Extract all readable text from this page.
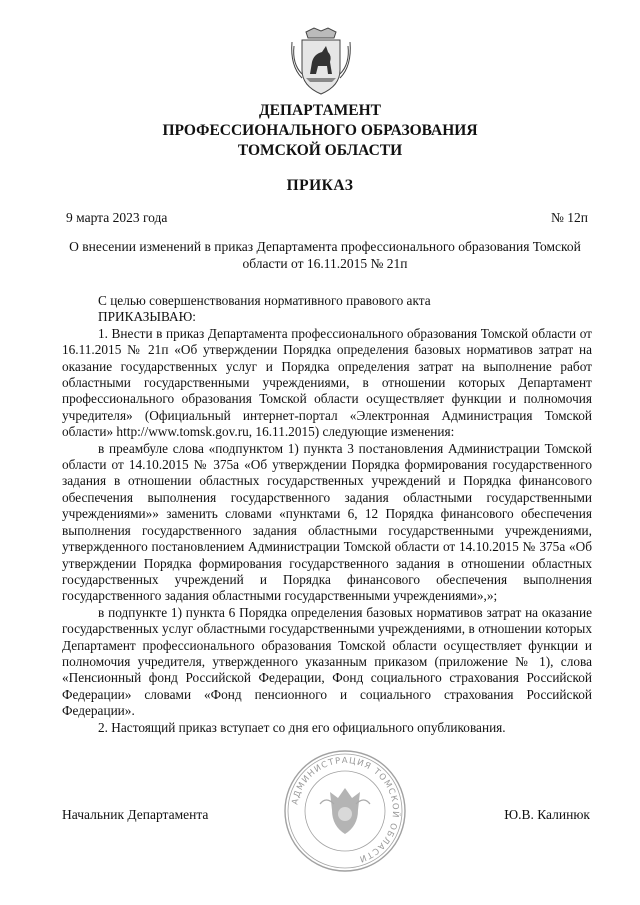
ДЕПАРТАМЕНТ
ПРОФЕССИОНАЛЬНОГО ОБРАЗОВАНИЯ
ТОМСКОЙ ОБЛАСТИ
ПРИКАЗ
9 марта 2023 года	№ 12п
О внесении изменений в приказ Департамента профессионального образования Томской области от 16.11.2015 № 21п

С целью совершенствования нормативного правового акта

ПРИКАЗЫВАЮ:

1. Внести в приказ Департамента профессионального образования Томской области от 16.11.2015 № 21п «Об утверждении Порядка определения базовых нормативов затрат на оказание государственных услуг и Порядка определения затрат на выполнение работ областными государственными учреждениями, в отношении которых Департамент профессионального образования Томской области осуществляет функции и полномочия учредителя» (Официальный интернет-портал «Электронная Администрация Томской области» http://www.tomsk.gov.ru, 16.11.2015) следующие изменения:

в преамбуле слова «подпунктом 1) пункта 3 постановления Администрации Томской области от 14.10.2015 № 375а «Об утверждении Порядка формирования государственного задания в отношении областных государственных учреждений и Порядка финансового обеспечения выполнения государственного задания областными государственными учреждениями»» заменить словами «пунктами 6, 12 Порядка финансового обеспечения выполнения государственного задания областными государственными учреждениями, утвержденного постановлением Администрации Томской области от 14.10.2015 № 375а «Об утверждении Порядка формирования государственного задания в отношении областных государственных учреждений и Порядка финансового обеспечения выполнения государственного задания областными государственными учреждениями»,»;

в подпункте 1) пункта 6 Порядка определения базовых нормативов затрат на оказание государственных услуг областными государственными учреждениями, в отношении которых Департамент профессионального образования Томской области осуществляет функции и полномочия учредителя, утвержденного указанным приказом (приложение № 1), слова «Пенсионный фонд Российской Федерации, Фонд социального страхования Российской Федерации» словами «Фонд пенсионного и социального страхования Российской Федерации».

2. Настоящий приказ вступает со дня его официального опубликования.

Начальник Департамента	Ю.В. Калинюк
АДМИНИСТРАЦИЯ ТОМСКОЙ ОБЛАСТИ
